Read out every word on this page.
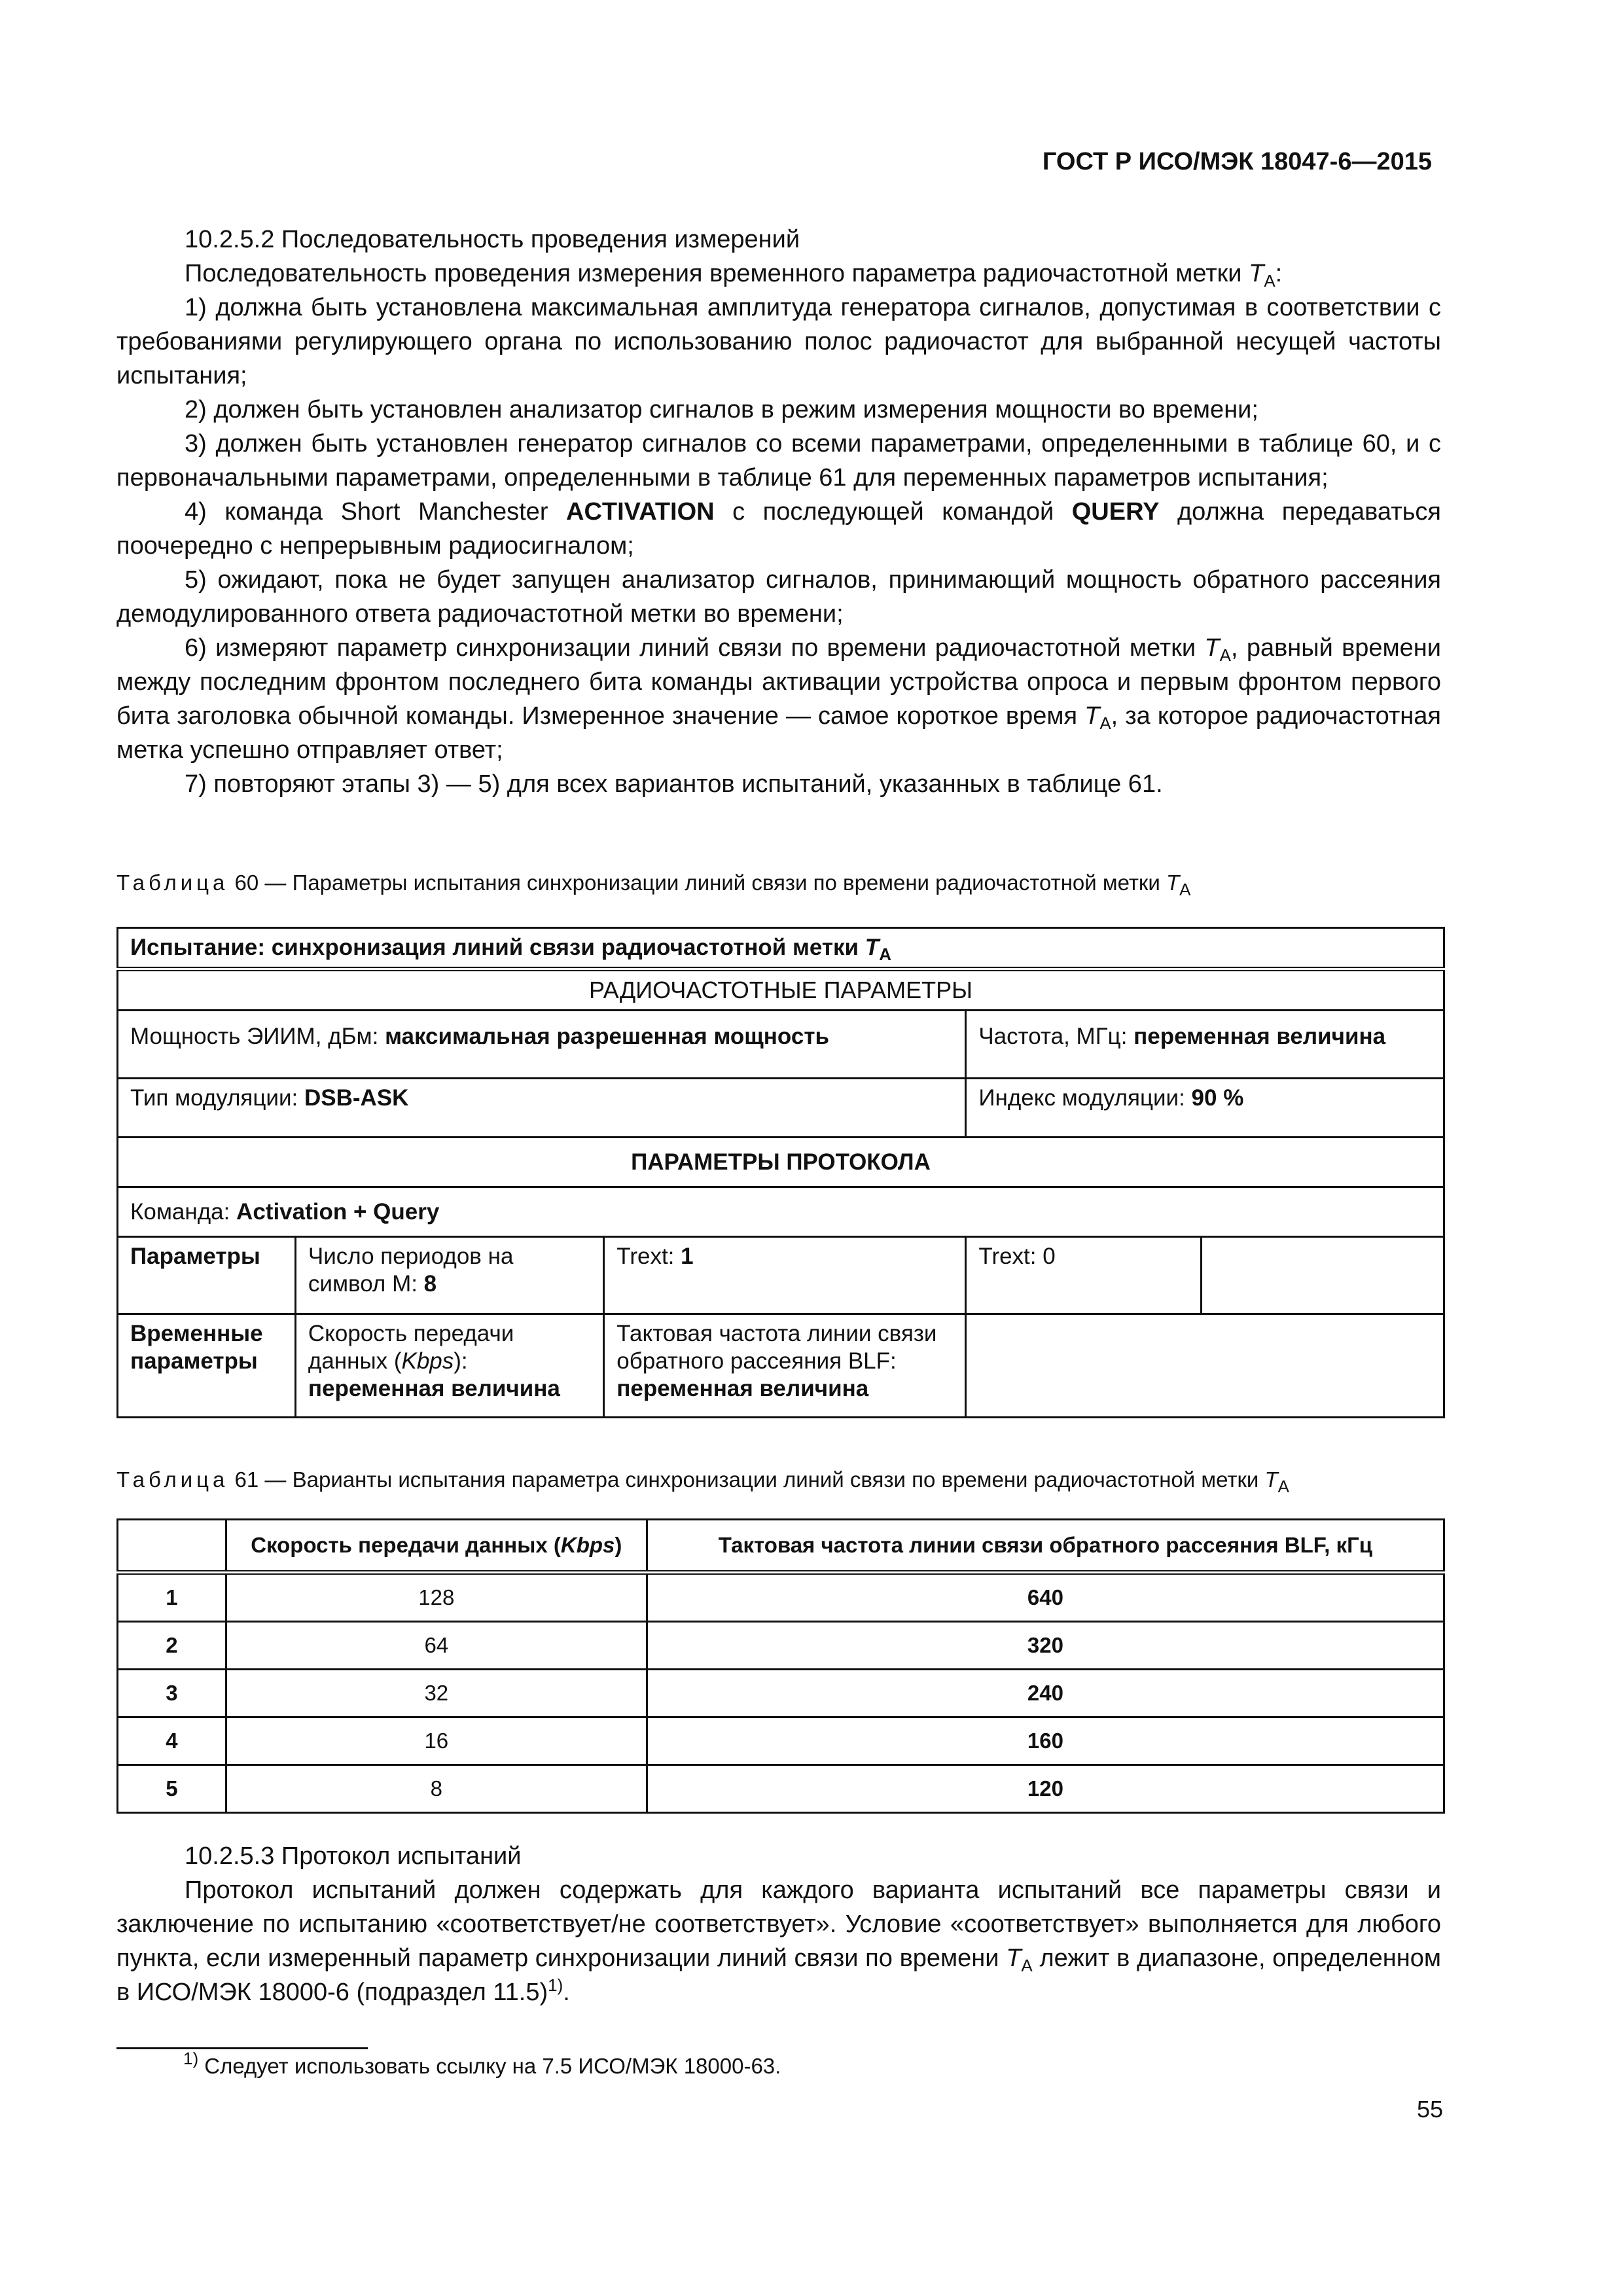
ГОСТ Р ИСО/МЭК 18047-6—2015

10.2.5.2 Последовательность проведения измерений

Последовательность проведения измерения временного параметра радиочастотной метки $T_A$:

1) должна быть установлена максимальная амплитуда генератора сигналов, допустимая в соответствии с требованиями регулирующего органа по использованию полос радиочастот для выбранной несущей частоты испытания;

2) должен быть установлен анализатор сигналов в режим измерения мощности во времени;

3) должен быть установлен генератор сигналов со всеми параметрами, определенными в таблице 60, и с первоначальными параметрами, определенными в таблице 61 для переменных параметров испытания;

4) команда Short Manchester ACTIVATION с последующей командой QUERY должна передаваться поочередно с непрерывным радиосигналом;

5) ожидают, пока не будет запущен анализатор сигналов, принимающий мощность обратного рассеяния демодулированного ответа радиочастотной метки во времени;

6) измеряют параметр синхронизации линий связи по времени радиочастотной метки $T_A$, равный времени между последним фронтом последнего бита команды активации устройства опроса и первым фронтом первого бита заголовка обычной команды. Измеренное значение — самое короткое время $T_A$, за которое радиочастотная метка успешно отправляет ответ;

7) повторяют этапы 3) — 5) для всех вариантов испытаний, указанных в таблице 61.

Таблица 60 — Параметры испытания синхронизации линий связи по времени радиочастотной метки $T_A$
Испытание: синхронизация линий связи радиочастотной метки $T_A$
РАДИОЧАСТОТНЫЕ ПАРАМЕТРЫ				
Мощность ЭИИМ, дБм: максимальная разрешенная мощность			Частота, МГц: переменная величина	
Тип модуляции: DSB-ASK			Индекс модуляции: 90 %	
ПАРАМЕТРЫ ПРОТОКОЛА				
Команда: Activation + Query				
Параметры	Число периодов на символ M: 8	Trext: 1	Trext: 0	
Временные параметры	Скорость передачи данных (Kbps): переменная величина	Тактовая частота линии связи обратного рассеяния BLF: переменная величина		
Таблица 61 — Варианты испытания параметра синхронизации линий связи по времени радиочастотной метки $T_A$
	Скорость передачи данных (Kbps)	Тактовая частота линии связи обратного рассеяния BLF, кГц
1	128	640
2	64	320
3	32	240
4	16	160
5	8	120

10.2.5.3 Протокол испытаний

Протокол испытаний должен содержать для каждого варианта испытаний все параметры связи и заключение по испытанию «соответствует/не соответствует». Условие «соответствует» выполняется для любого пункта, если измеренный параметр синхронизации линий связи по времени $T_A$ лежит в диапазоне, определенном в ИСО/МЭК 18000-6 (подраздел 11.5)$^{1)}$.

$^{1)}$ Следует использовать ссылку на 7.5 ИСО/МЭК 18000-63.
55
